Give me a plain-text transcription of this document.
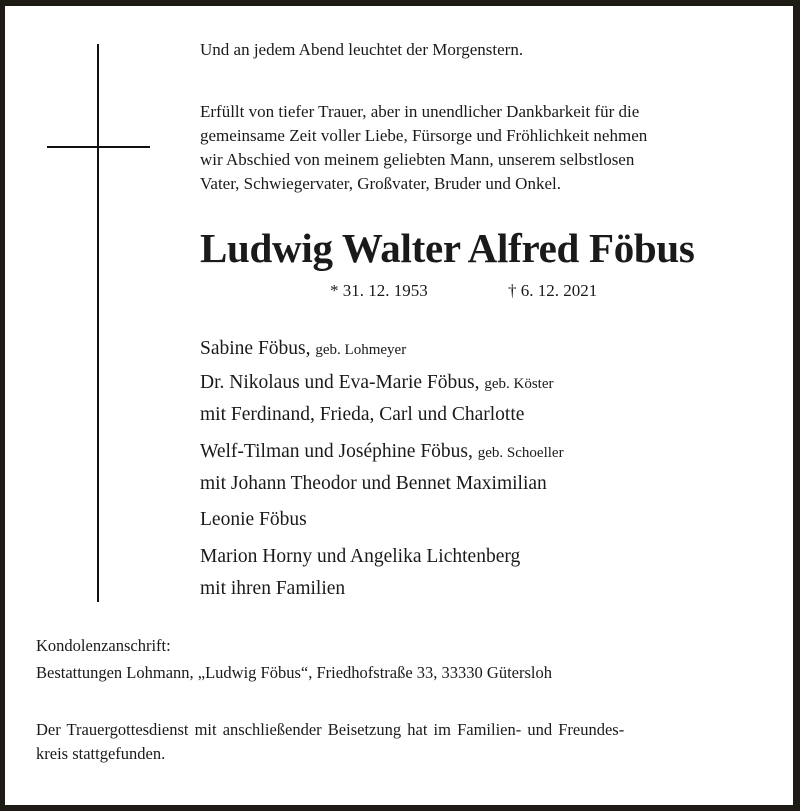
Und an jedem Abend leuchtet der Morgenstern.
Erfüllt von tiefer Trauer, aber in unendlicher Dankbarkeit für die
gemeinsame Zeit voller Liebe, Fürsorge und Fröhlichkeit nehmen
wir Abschied von meinem geliebten Mann, unserem selbstlosen
Vater, Schwiegervater, Großvater, Bruder und Onkel.
Ludwig Walter Alfred Föbus
* 31. 12. 1953	† 6. 12. 2021
Sabine Föbus, geb. Lohmeyer
Dr. Nikolaus und Eva-Marie Föbus, geb. Köster
mit Ferdinand, Frieda, Carl und Charlotte
Welf-Tilman und Joséphine Föbus, geb. Schoeller
mit Johann Theodor und Bennet Maximilian
Leonie Föbus
Marion Horny und Angelika Lichtenberg
mit ihren Familien
Kondolenzanschrift:
Bestattungen Lohmann, „Ludwig Föbus“, Friedhofstraße 33, 33330 Gütersloh
Der Trauergottesdienst mit anschließender Beisetzung hat im Familien- und Freundes-
kreis stattgefunden.
